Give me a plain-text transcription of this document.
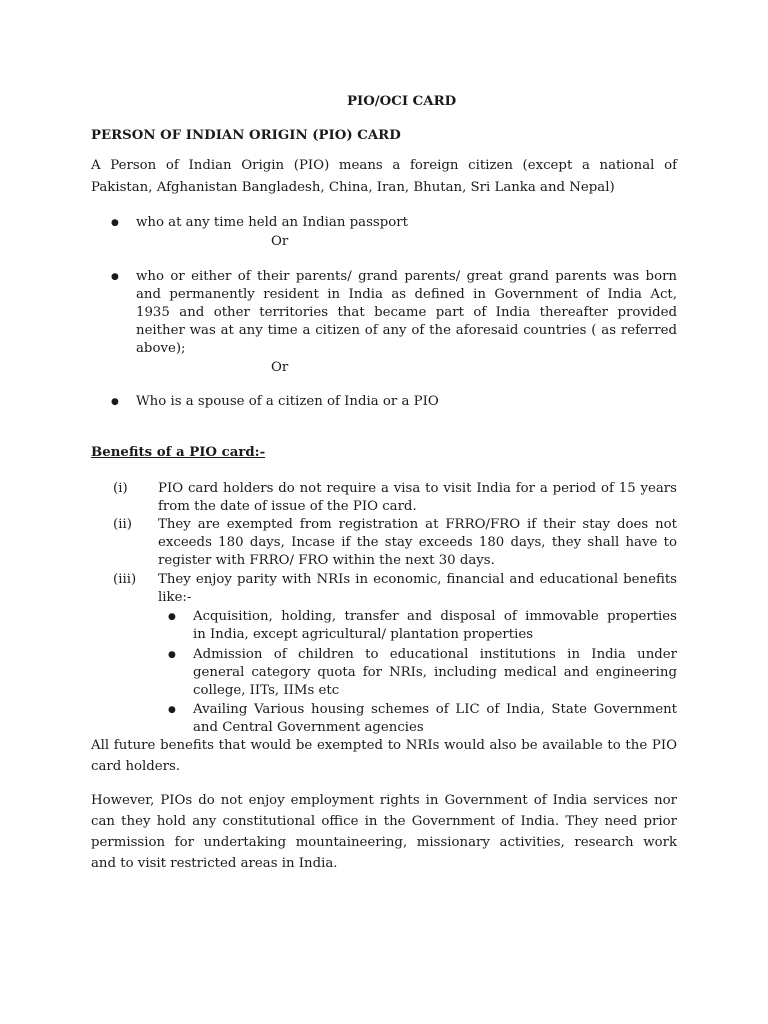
PIO/OCI CARD
PERSON OF INDIAN ORIGIN (PIO) CARD
A Person of Indian Origin (PIO) means a foreign citizen (except a national of
Pakistan, Afghanistan Bangladesh, China, Iran, Bhutan, Sri Lanka and Nepal)
● who at any time held an Indian passport
Or
● who or either of their parents/ grand parents/ great grand parents was born
and permanently resident in India as defined in Government of India Act,
1935 and other territories that became part of India thereafter provided
neither was at any time a citizen of any of the aforesaid countries ( as referred
above);
Or
● Who is a spouse of a citizen of India or a PIO
Benefits of a PIO card:-
(i) PIO card holders do not require a visa to visit India for a period of 15 years
from the date of issue of the PIO card.
(ii) They are exempted from registration at FRRO/FRO if their stay does not
exceeds 180 days, Incase if the stay exceeds 180 days, they shall have to
register with FRRO/ FRO within the next 30 days.
(iii) They enjoy parity with NRIs in economic, financial and educational benefits
like:-
● Acquisition, holding, transfer and disposal of immovable properties
in India, except agricultural/ plantation properties
● Admission of children to educational institutions in India under
general category quota for NRIs, including medical and engineering
college, IITs, IIMs etc
● Availing Various housing schemes of LIC of India, State Government
and Central Government agencies
All future benefits that would be exempted to NRIs would also be available to the PIO
card holders.
However, PIOs do not enjoy employment rights in Government of India services nor
can they hold any constitutional office in the Government of India. They need prior
permission for undertaking mountaineering, missionary activities, research work
and to visit restricted areas in India.
